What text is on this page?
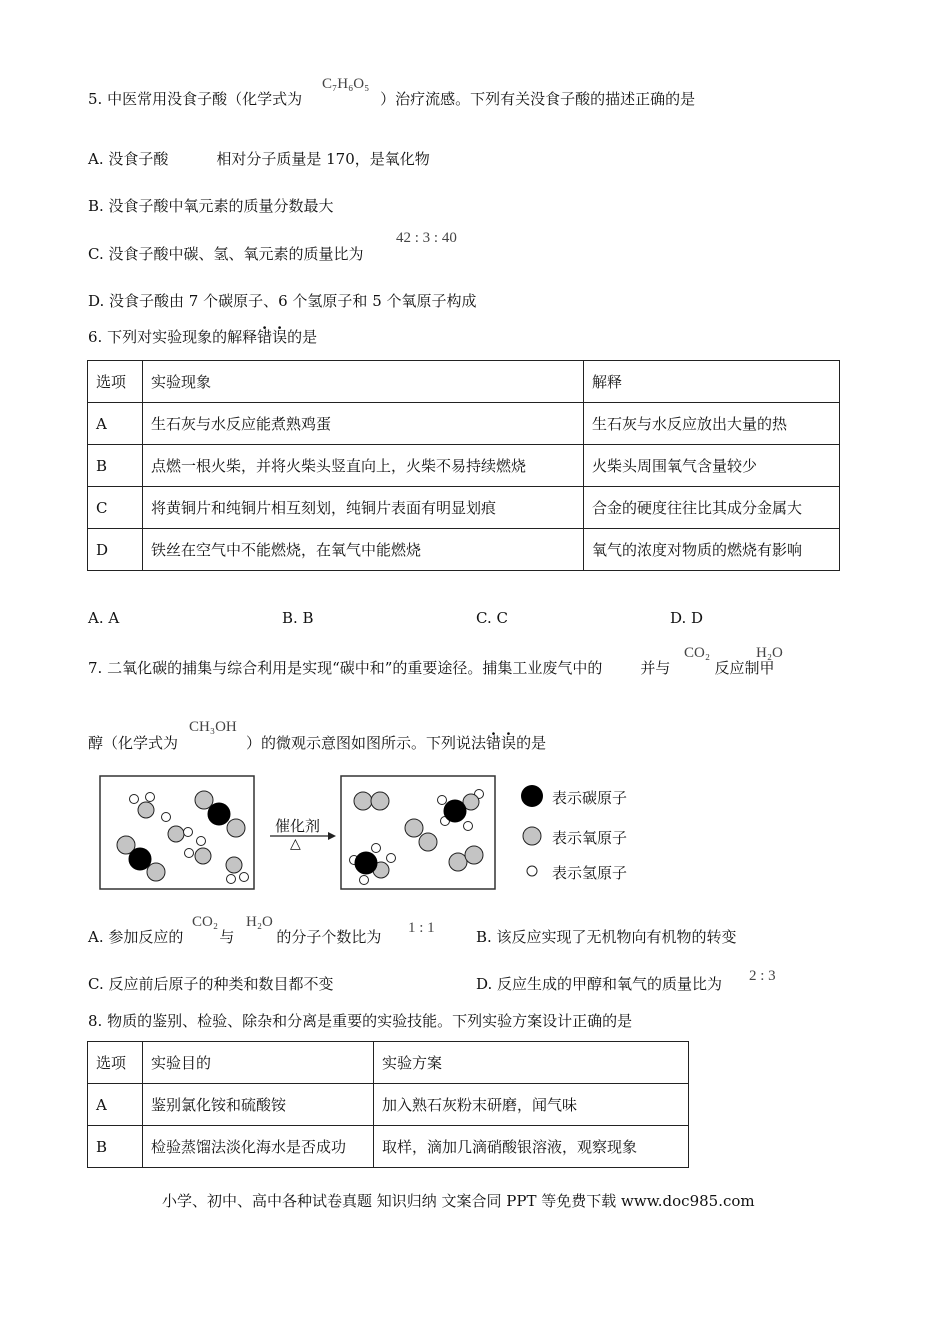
5. 中医常用没食子酸（化学式为	）治疗流感。下列有关没食子酸的描述正确的是
C₇H₆O₅
A. 没食子酸	相对分子质量是 170，是氧化物
B. 没食子酸中氧元素的质量分数最大
C. 没食子酸中碳、氢、氧元素的质量比为
42 : 3 : 40
D. 没食子酸由 7 个碳原子、6 个氢原子和 5 个氧原子构成
6. 下列对实验现象的解释错误的是
选项	实验现象	解释
A	生石灰与水反应能煮熟鸡蛋	生石灰与水反应放出大量的热
B	点燃一根火柴，并将火柴头竖直向上，火柴不易持续燃烧	火柴头周围氧气含量较少
C	将黄铜片和纯铜片相互刻划，纯铜片表面有明显划痕	合金的硬度往往比其成分金属大
D	铁丝在空气中不能燃烧，在氧气中能燃烧	氧气的浓度对物质的燃烧有影响
A. A	B. B	C. C	D. D
7. 二氧化碳的捕集与综合利用是实现“碳中和”的重要途径。捕集工业废气中的	并与	反应制甲
CO₂	H₂O
醇（化学式为	）的微观示意图如图所示。下列说法错误的是
CH₃OH
催化剂
△
表示碳原子
表示氧原子
表示氢原子
A. 参加反应的 与	的分子个数比为
CO₂ H₂O	1 : 1	B. 该反应实现了无机物向有机物的转变
C. 反应前后原子的种类和数目都不变	D. 反应生成的甲醇和氧气的质量比为 2 : 3
8. 物质的鉴别、检验、除杂和分离是重要的实验技能。下列实验方案设计正确的是
选项	实验目的	实验方案
A	鉴别氯化铵和硫酸铵	加入熟石灰粉末研磨，闻气味
B	检验蒸馏法淡化海水是否成功	取样，滴加几滴硝酸银溶液，观察现象
小学、初中、高中各种试卷真题 知识归纳 文案合同 PPT 等免费下载 www.doc985.com
